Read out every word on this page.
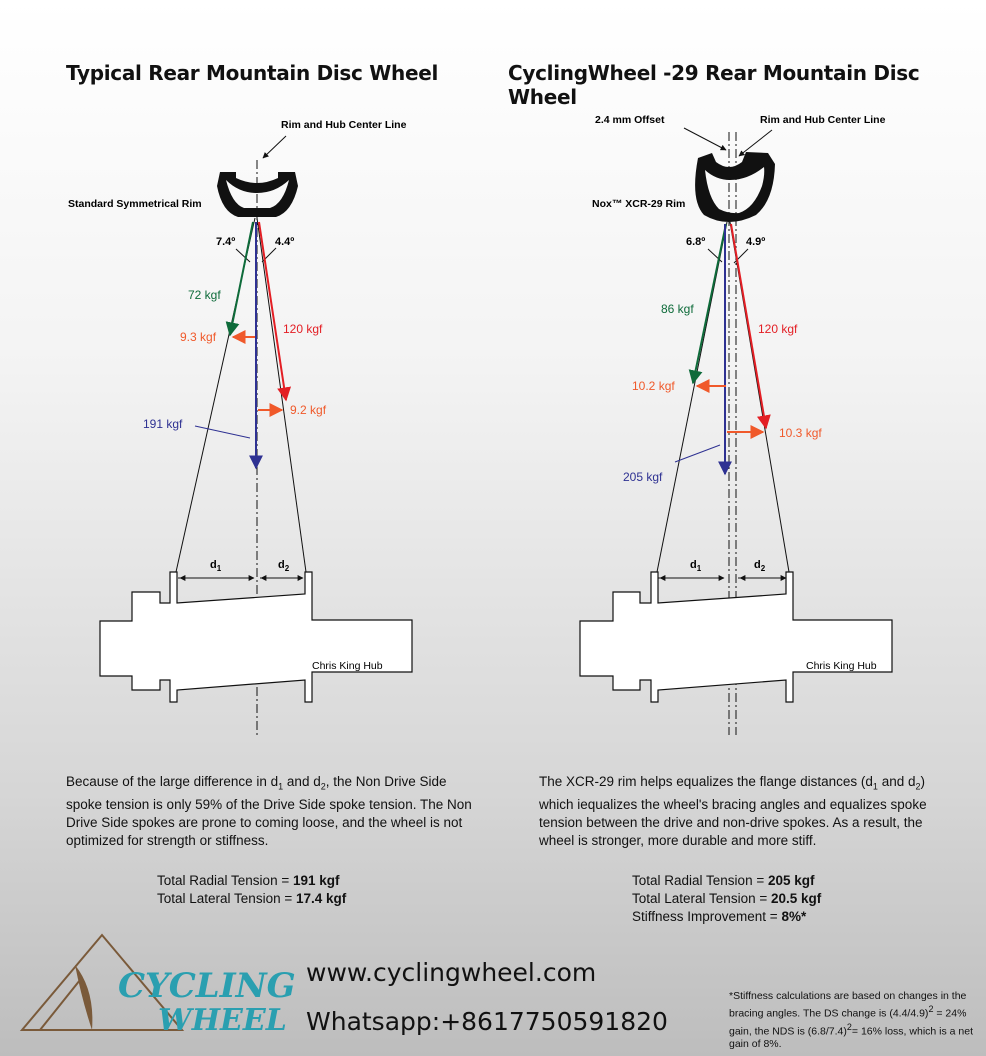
Rim and Hub Center Line
Standard Symmetrical Rim
7.4º	4.4º
72 kgf
120 kgf
9.3 kgf
9.2 kgf
191 kgf
$d_1$	$d_2$
Chris King Hub
2.4 mm Offset	Rim and Hub Center Line
Nox™ XCR-29 Rim
6.8º	4.9º
86 kgf
120 kgf
10.2 kgf
10.3 kgf
205 kgf
$d_1$	$d_2$
Chris King Hub
CYCLING
WHEEL
Typical Rear Mountain Disc Wheel	CyclingWheel -29 Rear Mountain Disc Wheel
Because of the large difference in $d_1$ and $d_2$, the Non Drive Side spoke tension is only 59% of the Drive Side spoke tension. The Non Drive Side spokes are prone to coming loose, and the wheel is not optimized for strength or stiffness.
The XCR-29 rim helps equalizes the flange distances ($d_1$ and $d_2$) which iequalizes the wheel's bracing angles and equalizes spoke tension between the drive and non-drive spokes. As a result, the wheel is stronger, more durable and more stiff.
Total Radial Tension = 191 kgf
Total Lateral Tension = 17.4 kgf
Total Radial Tension = 205 kgf
Total Lateral Tension = 20.5 kgf
Stiffness Improvement = 8%*
www.cyclingwheel.com
Whatsapp:+8617750591820
*Stiffness calculations are based on changes in the bracing angles. The DS change is $(4.4/4.9)^2 = 24\%$ gain, the NDS is $(6.8/7.4)^2= 16\%$ loss, which is a net gain of 8%.
